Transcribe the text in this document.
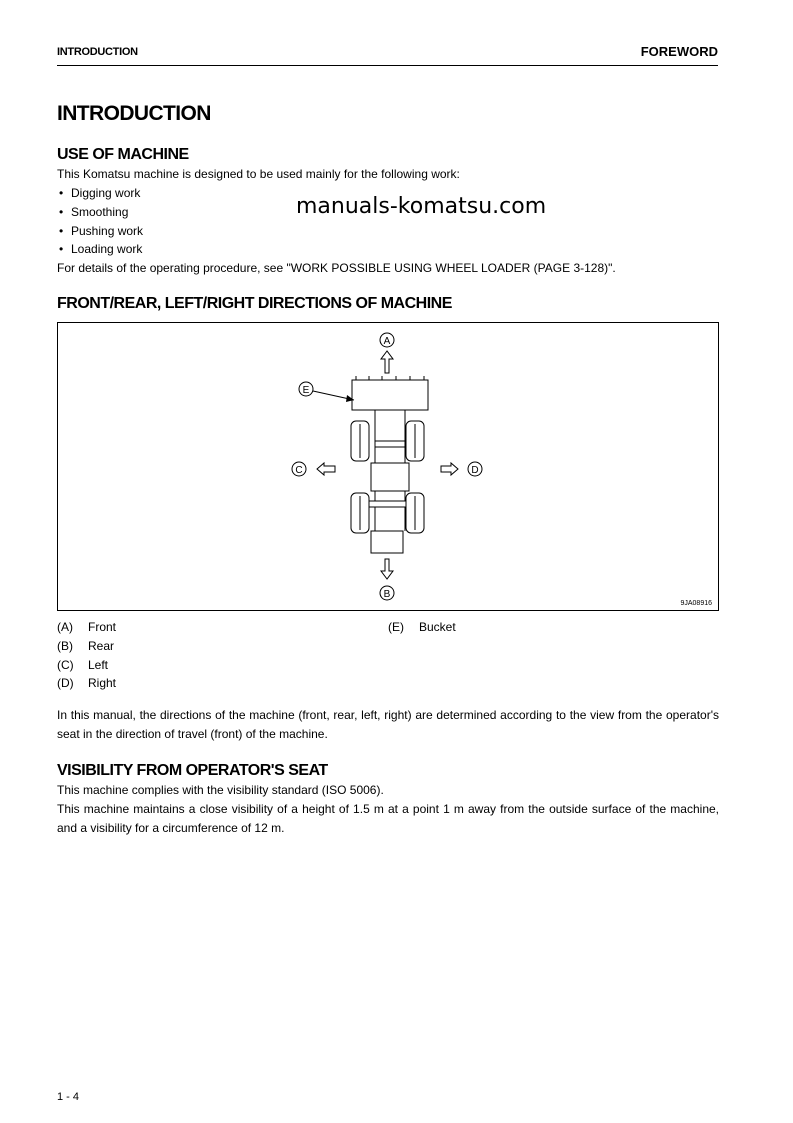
INTRODUCTION	FOREWORD
INTRODUCTION
USE OF MACHINE
This Komatsu machine is designed to be used mainly for the following work:
• Digging work
• Smoothing
• Pushing work
• Loading work
For details of the operating procedure, see "WORK POSSIBLE USING WHEEL LOADER (PAGE 3-128)".
manuals-komatsu.com
FRONT/REAR, LEFT/RIGHT DIRECTIONS OF MACHINE
A
B
C	D
E
9JA08916
(A) Front
(B) Rear
(C) Left
(D) Right
(E) Bucket
In this manual, the directions of the machine (front, rear, left, right) are determined according to the view from the operator's seat in the direction of travel (front) of the machine.
VISIBILITY FROM OPERATOR'S SEAT
This machine complies with the visibility standard (ISO 5006).
This machine maintains a close visibility of a height of 1.5 m at a point 1 m away from the outside surface of the machine, and a visibility for a circumference of 12 m.
1 - 4
